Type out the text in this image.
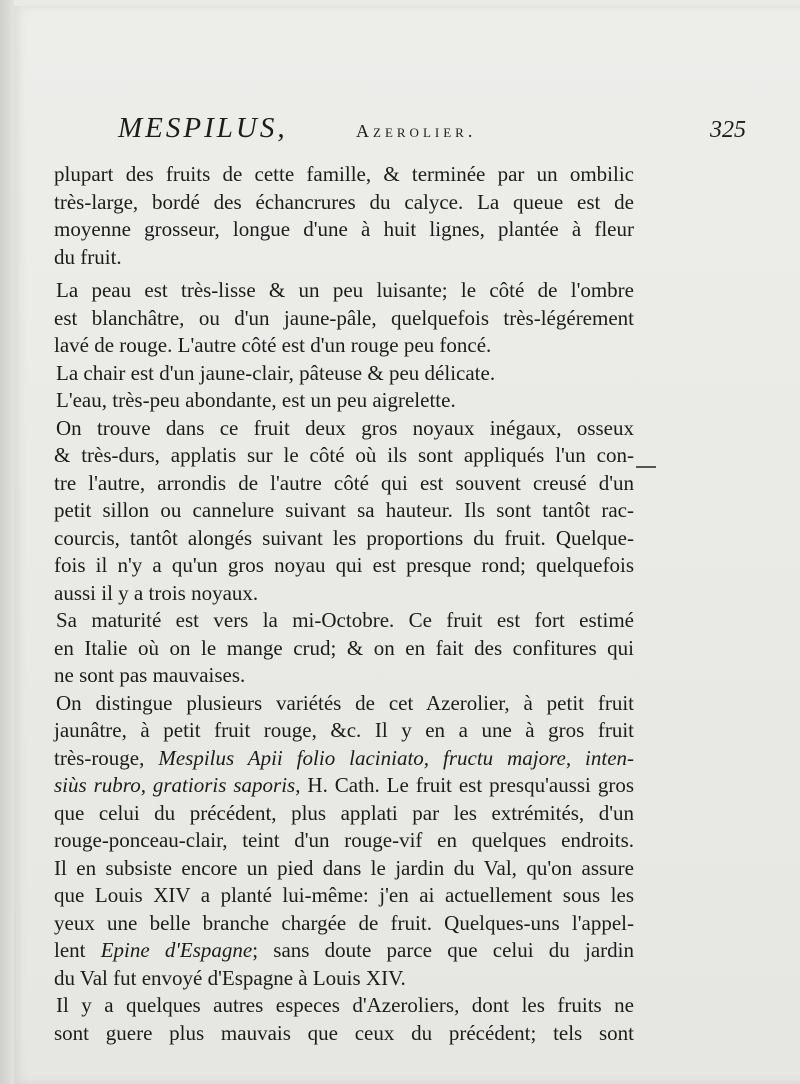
MESPILUS,	Azerolier.	325
plupart des fruits de cette famille, & terminée par un ombilic
très-large, bordé des échancrures du calyce. La queue est de
moyenne grosseur, longue d'une à huit lignes, plantée à fleur
du fruit.
La peau est très-lisse & un peu luisante; le côté de l'ombre
est blanchâtre, ou d'un jaune-pâle, quelquefois très-légérement
lavé de rouge. L'autre côté est d'un rouge peu foncé.
La chair est d'un jaune-clair, pâteuse & peu délicate.
L'eau, très-peu abondante, est un peu aigrelette.
On trouve dans ce fruit deux gros noyaux inégaux, osseux
& très-durs, applatis sur le côté où ils sont appliqués l'un con-
tre l'autre, arrondis de l'autre côté qui est souvent creusé d'un
petit sillon ou cannelure suivant sa hauteur. Ils sont tantôt rac-
courcis, tantôt alongés suivant les proportions du fruit. Quelque-
fois il n'y a qu'un gros noyau qui est presque rond; quelquefois
aussi il y a trois noyaux.
Sa maturité est vers la mi-Octobre. Ce fruit est fort estimé
en Italie où on le mange crud; & on en fait des confitures qui
ne sont pas mauvaises.
On distingue plusieurs variétés de cet Azerolier, à petit fruit
jaunâtre, à petit fruit rouge, &c. Il y en a une à gros fruit
très-rouge, Mespilus Apii folio laciniato, fructu majore, inten-
siùs rubro, gratioris saporis, H. Cath. Le fruit est presqu'aussi gros
que celui du précédent, plus applati par les extrémités, d'un
rouge-ponceau-clair, teint d'un rouge-vif en quelques endroits.
Il en subsiste encore un pied dans le jardin du Val, qu'on assure
que Louis XIV a planté lui-même: j'en ai actuellement sous les
yeux une belle branche chargée de fruit. Quelques-uns l'appel-
lent Epine d'Espagne; sans doute parce que celui du jardin
du Val fut envoyé d'Espagne à Louis XIV.
Il y a quelques autres especes d'Azeroliers, dont les fruits ne
sont guere plus mauvais que ceux du précédent; tels sont
